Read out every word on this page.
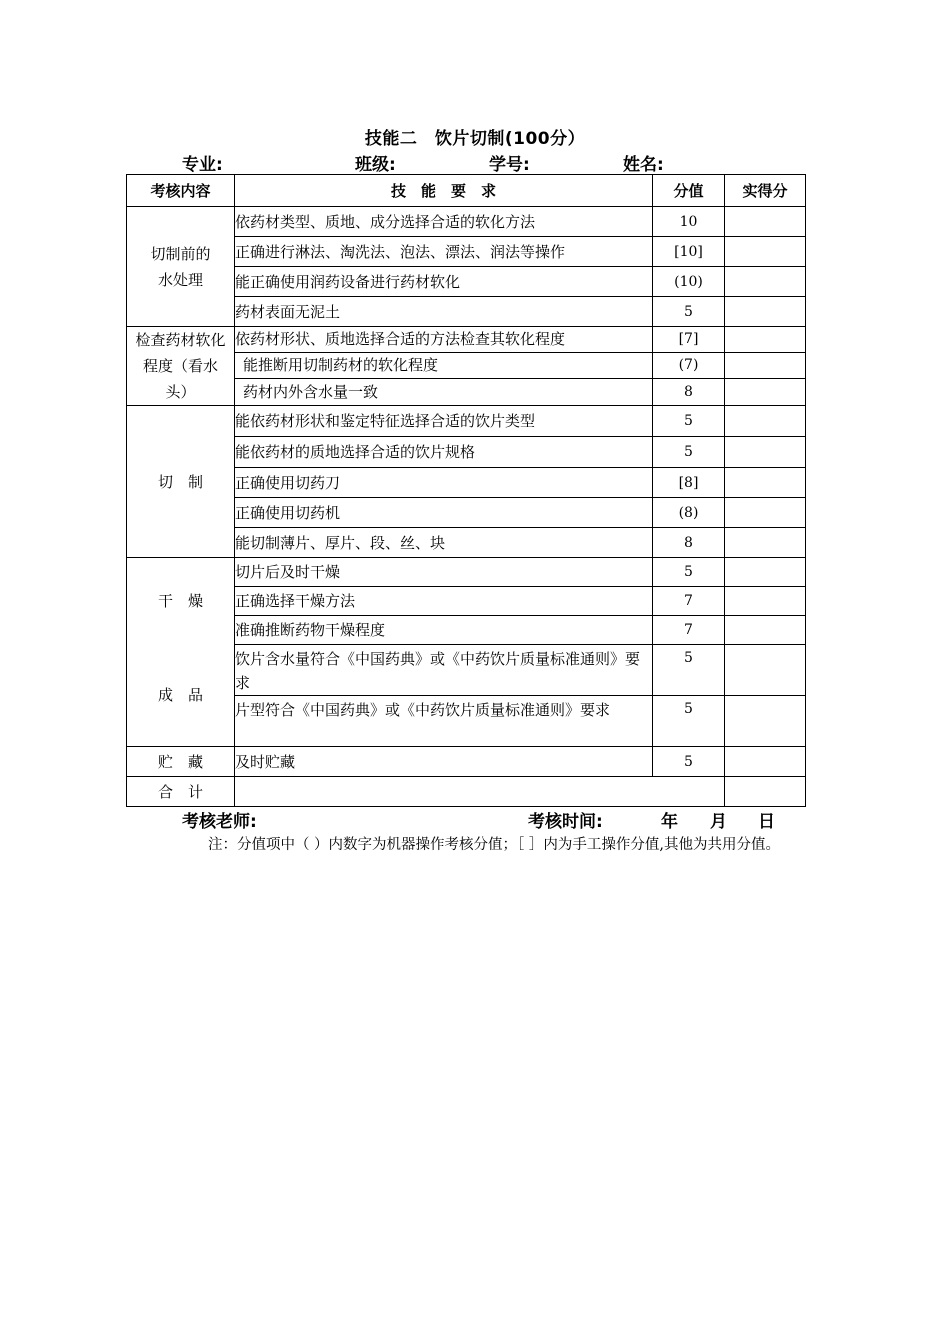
技能二　饮片切制(100分）
专业:	班级:	学号:	姓名:
考核内容	技　能　要　求	分值	实得分
切制前的水处理	依药材类型、质地、成分选择合适的软化方法	10	
	正确进行淋法、淘洗法、泡法、漂法、润法等操作	[10]	
	能正确使用润药设备进行药材软化	(10)	
	药材表面无泥土	5	
检查药材软化程度（看水头）	依药材形状、质地选择合适的方法检查其软化程度	[7]	
	能推断用切制药材的软化程度	(7)	
	药材内外含水量一致	8	
切　制	能依药材形状和鉴定特征选择合适的饮片类型	5	
	能依药材的质地选择合适的饮片规格	5	
	正确使用切药刀	[8]	
	正确使用切药机	(8)	
	能切制薄片、厚片、段、丝、块	8	
干　燥	切片后及时干燥	5	
	正确选择干燥方法	7	
	准确推断药物干燥程度	7	
成　品	饮片含水量符合《中国药典》或《中药饮片质量标准通则》要求	5	
	片型符合《中国药典》或《中药饮片质量标准通则》要求	5	
贮　藏	及时贮藏	5	
合　计			
考核老师:	考核时间:	年 月 日
注：分值项中（ ）内数字为机器操作考核分值；［ ］内为手工操作分值,其他为共用分值。
